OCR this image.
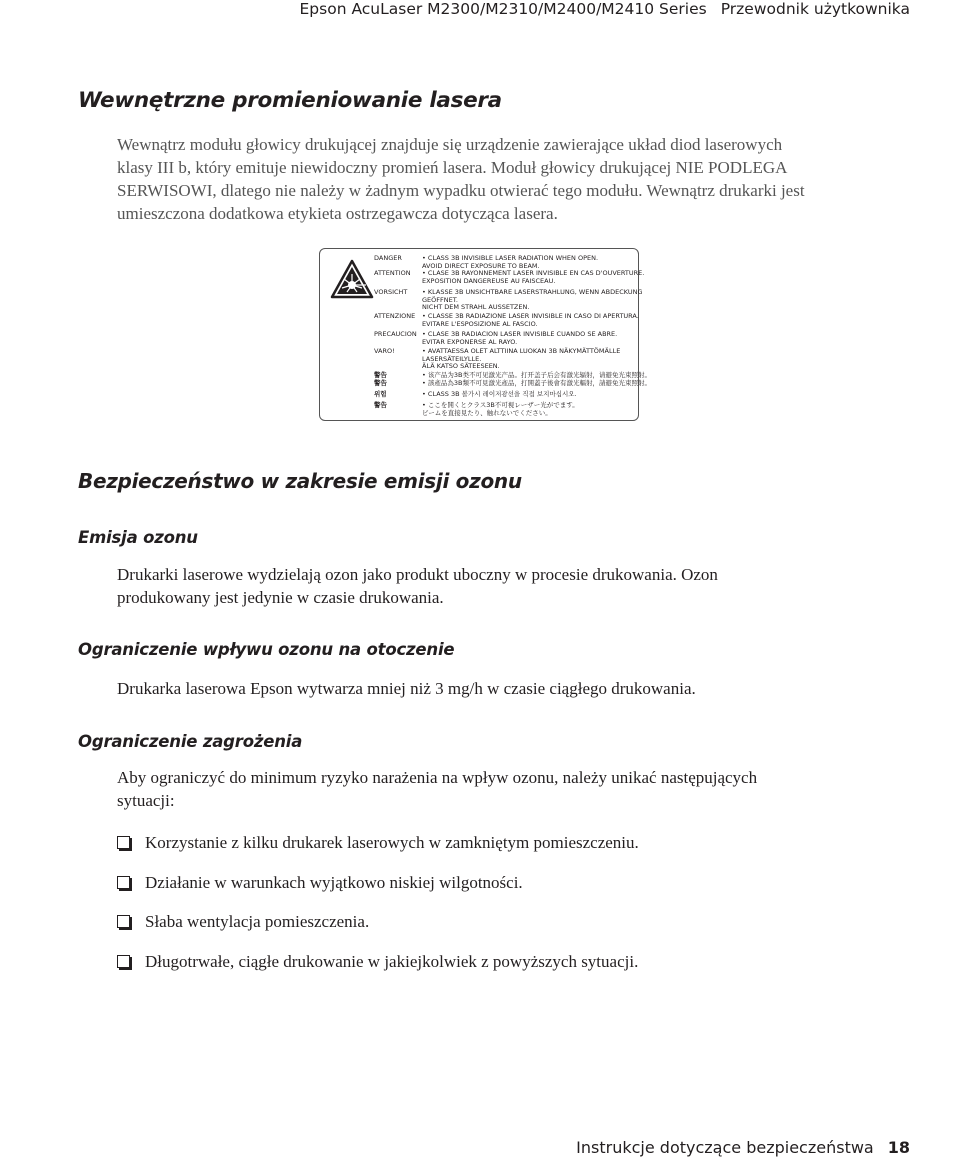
Epson AcuLaser M2300/M2310/M2400/M2410 Series Przewodnik użytkownika
Wewnętrzne promieniowanie lasera
Wewnątrz modułu głowicy drukującej znajduje się urządzenie zawierające układ diod laserowych
klasy III b, który emituje niewidoczny promień lasera. Moduł głowicy drukującej NIE PODLEGA
SERWISOWI, dlatego nie należy w żadnym wypadku otwierać tego modułu. Wewnątrz drukarki jest
umieszczona dodatkowa etykieta ostrzegawcza dotycząca lasera.
DANGER	• CLASS 3B INVISIBLE LASER RADIATION WHEN OPEN.
AVOID DIRECT EXPOSURE TO BEAM.
ATTENTION • CLASE 3B RAYONNEMENT LASER INVISIBLE EN CAS D'OUVERTURE.
EXPOSITION DANGEREUSE AU FAISCEAU.
VORSICHT • KLASSE 3B UNSICHTBARE LASERSTRAHLUNG, WENN ABDECKUNG
GEÖFFNET.
NICHT DEM STRAHL AUSSETZEN.
ATTENZIONE • CLASSE 3B RADIAZIONE LASER INVISIBLE IN CASO DI APERTURA.
EVITARE L'ESPOSIZIONE AL FASCIO.
PRECAUCION • CLASE 3B RADIACION LASER INVISIBLE CUANDO SE ABRE.
EVITAR EXPONERSE AL RAYO.
VARO!	• AVATTAESSA OLET ALTTIINA LUOKAN 3B NÄKYMÄTTÖMÄLLE
LASERSÄTEILYLLE.
ÄLÄ KATSO SÄTEESEEN.
警告	• 该产品为3B类不可见激光产品。打开盖子后会有激光辐射，请避免光束照射。
警告	• 該產品為3B類不可見激光產品，打開蓋子後會有激光輻射，請避免光束照射。
위험	• CLASS 3B 볼가시 레이저광선을 직접 보지마십시오.
警告	• ここを開くとクラス3B不可視レーザー光がでます。
ビームを直接見たり、触れないでください。
Bezpieczeństwo w zakresie emisji ozonu
Emisja ozonu
Drukarki laserowe wydzielają ozon jako produkt uboczny w procesie drukowania. Ozon
produkowany jest jedynie w czasie drukowania.
Ograniczenie wpływu ozonu na otoczenie
Drukarka laserowa Epson wytwarza mniej niż 3 mg/h w czasie ciągłego drukowania.
Ograniczenie zagrożenia
Aby ograniczyć do minimum ryzyko narażenia na wpływ ozonu, należy unikać następujących
sytuacji:
Korzystanie z kilku drukarek laserowych w zamkniętym pomieszczeniu.
Działanie w warunkach wyjątkowo niskiej wilgotności.
Słaba wentylacja pomieszczenia.
Długotrwałe, ciągłe drukowanie w jakiejkolwiek z powyższych sytuacji.
Instrukcje dotyczące bezpieczeństwa 18
